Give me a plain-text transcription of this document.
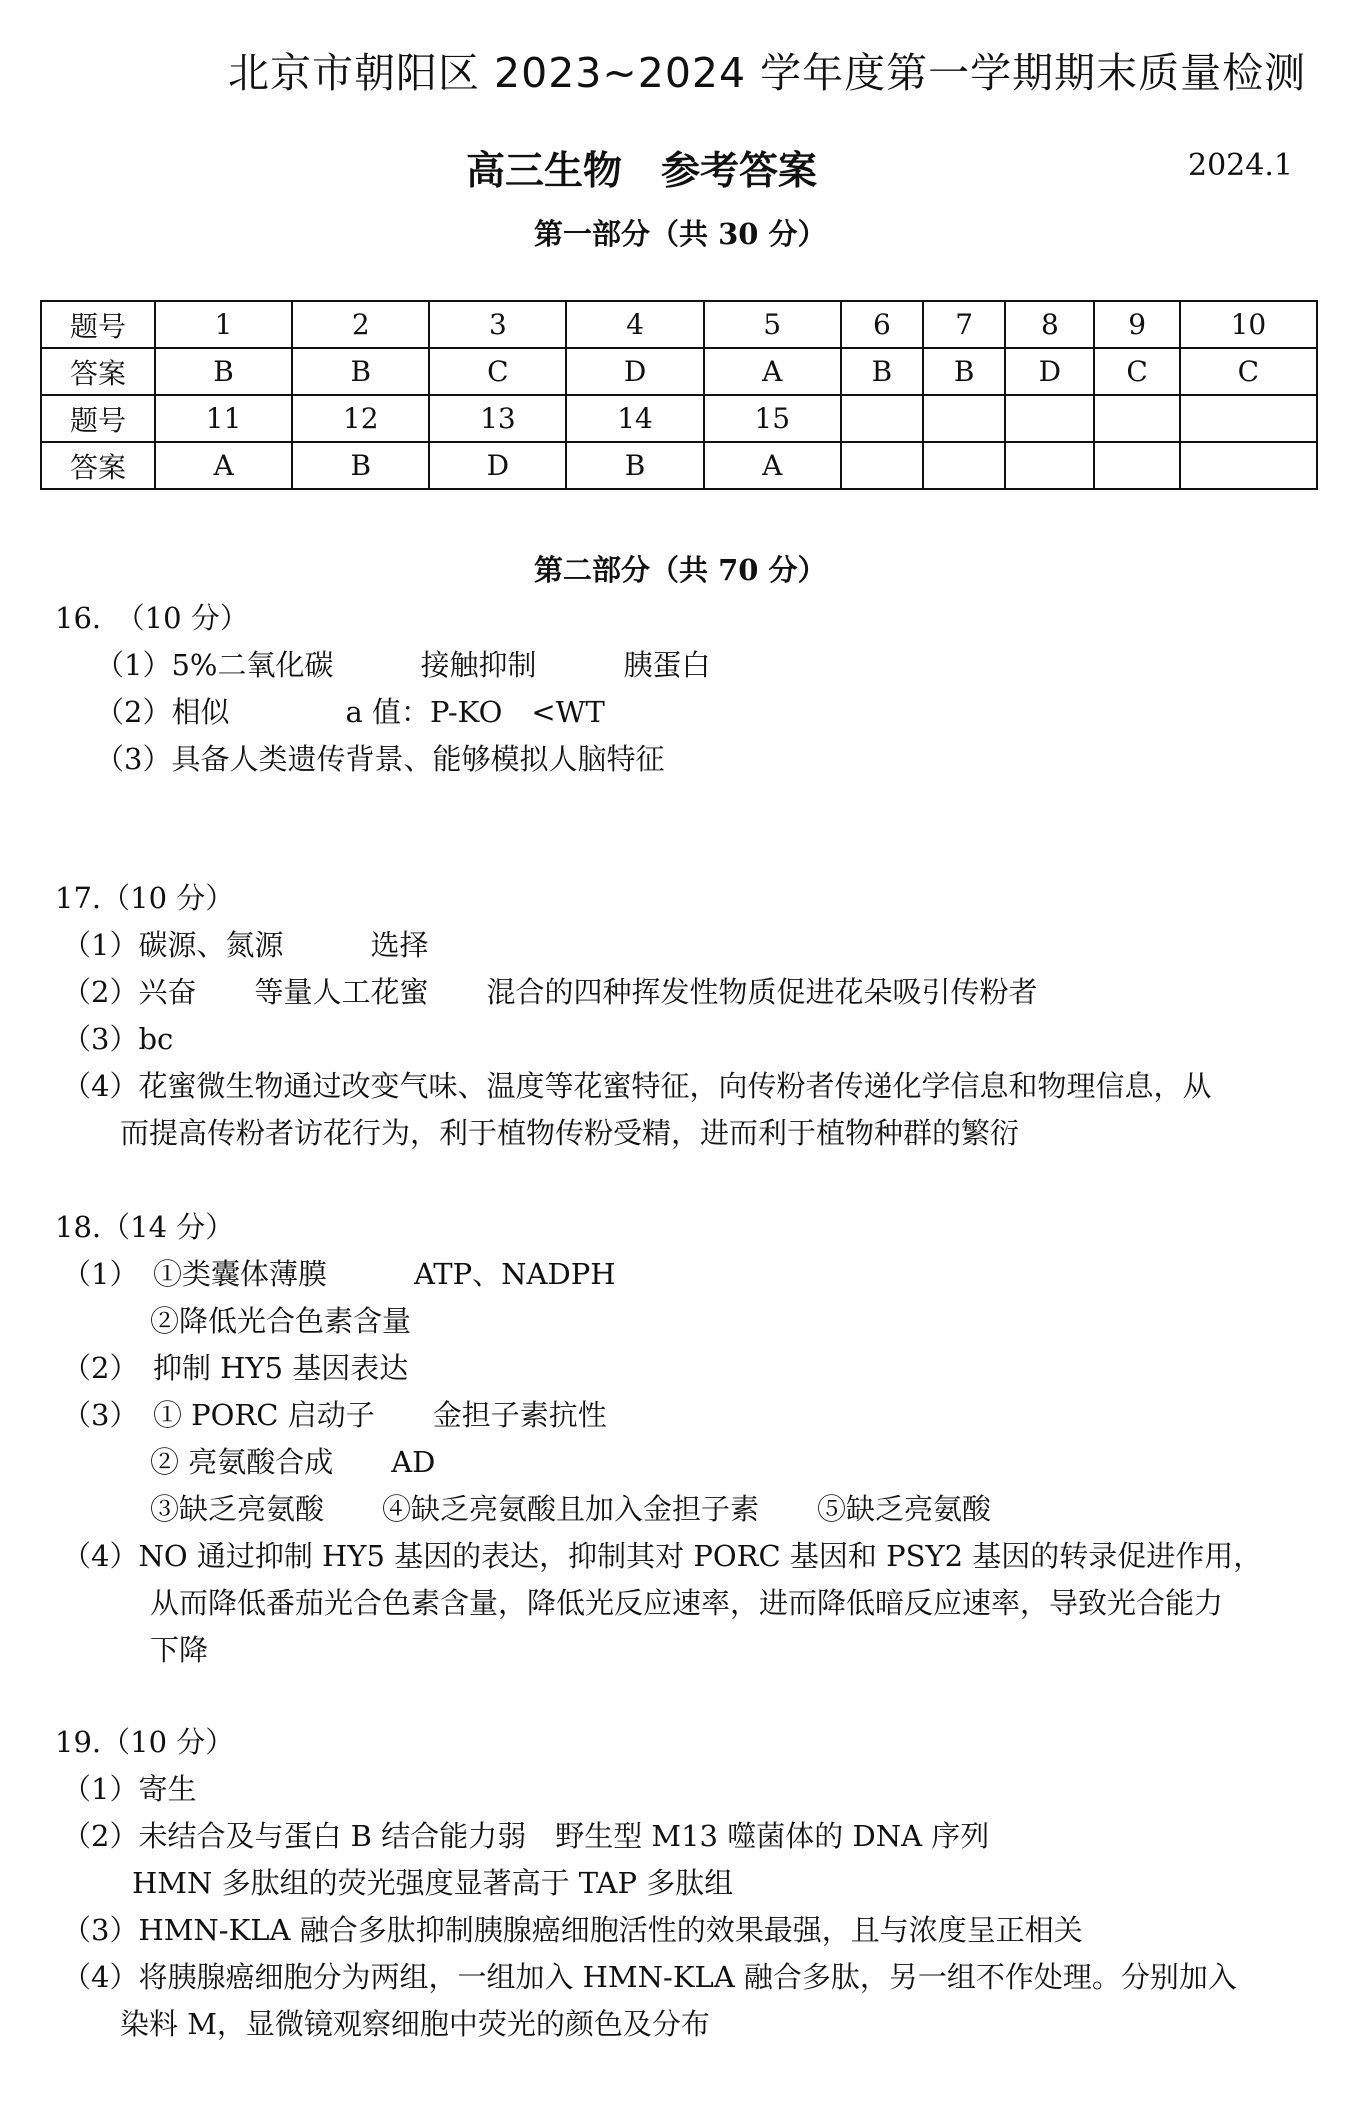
北京市朝阳区 2023~2024 学年度第一学期期末质量检测
高三生物　参考答案	2024.1
第一部分（共 30 分）
题号	1	2	3	4	5	6	7	8	9	10
答案	B	B	C	D	A	B	B	D	C	C
题号	11	12	13	14	15					
答案	A	B	D	B	A					
第二部分（共 70 分）
16.　（10 分）
（1）5%二氧化碳　　　接触抑制　　　胰蛋白
（2）相似　　　　a 值：P-KO　<WT
（3）具备人类遗传背景、能够模拟人脑特征
17.（10 分）
（1）碳源、氮源　　　选择
（2）兴奋　　等量人工花蜜　　混合的四种挥发性物质促进花朵吸引传粉者
（3）bc
（4）花蜜微生物通过改变气味、温度等花蜜特征，向传粉者传递化学信息和物理信息，从
而提高传粉者访花行为，利于植物传粉受精，进而利于植物种群的繁衍
18.（14 分）
（1）　①类囊体薄膜　　　ATP、NADPH
②降低光合色素含量
（2）　抑制 HY5 基因表达
（3）　① PORC 启动子　　金担子素抗性
② 亮氨酸合成　　AD
③缺乏亮氨酸　　④缺乏亮氨酸且加入金担子素　　⑤缺乏亮氨酸
（4）NO 通过抑制 HY5 基因的表达，抑制其对 PORC 基因和 PSY2 基因的转录促进作用，
从而降低番茄光合色素含量，降低光反应速率，进而降低暗反应速率，导致光合能力
下降
19.（10 分）
（1）寄生
（2）未结合及与蛋白 B 结合能力弱　野生型 M13 噬菌体的 DNA 序列
HMN 多肽组的荧光强度显著高于 TAP 多肽组
（3）HMN-KLA 融合多肽抑制胰腺癌细胞活性的效果最强，且与浓度呈正相关
（4）将胰腺癌细胞分为两组，一组加入 HMN-KLA 融合多肽，另一组不作处理。分别加入
染料 M，显微镜观察细胞中荧光的颜色及分布
